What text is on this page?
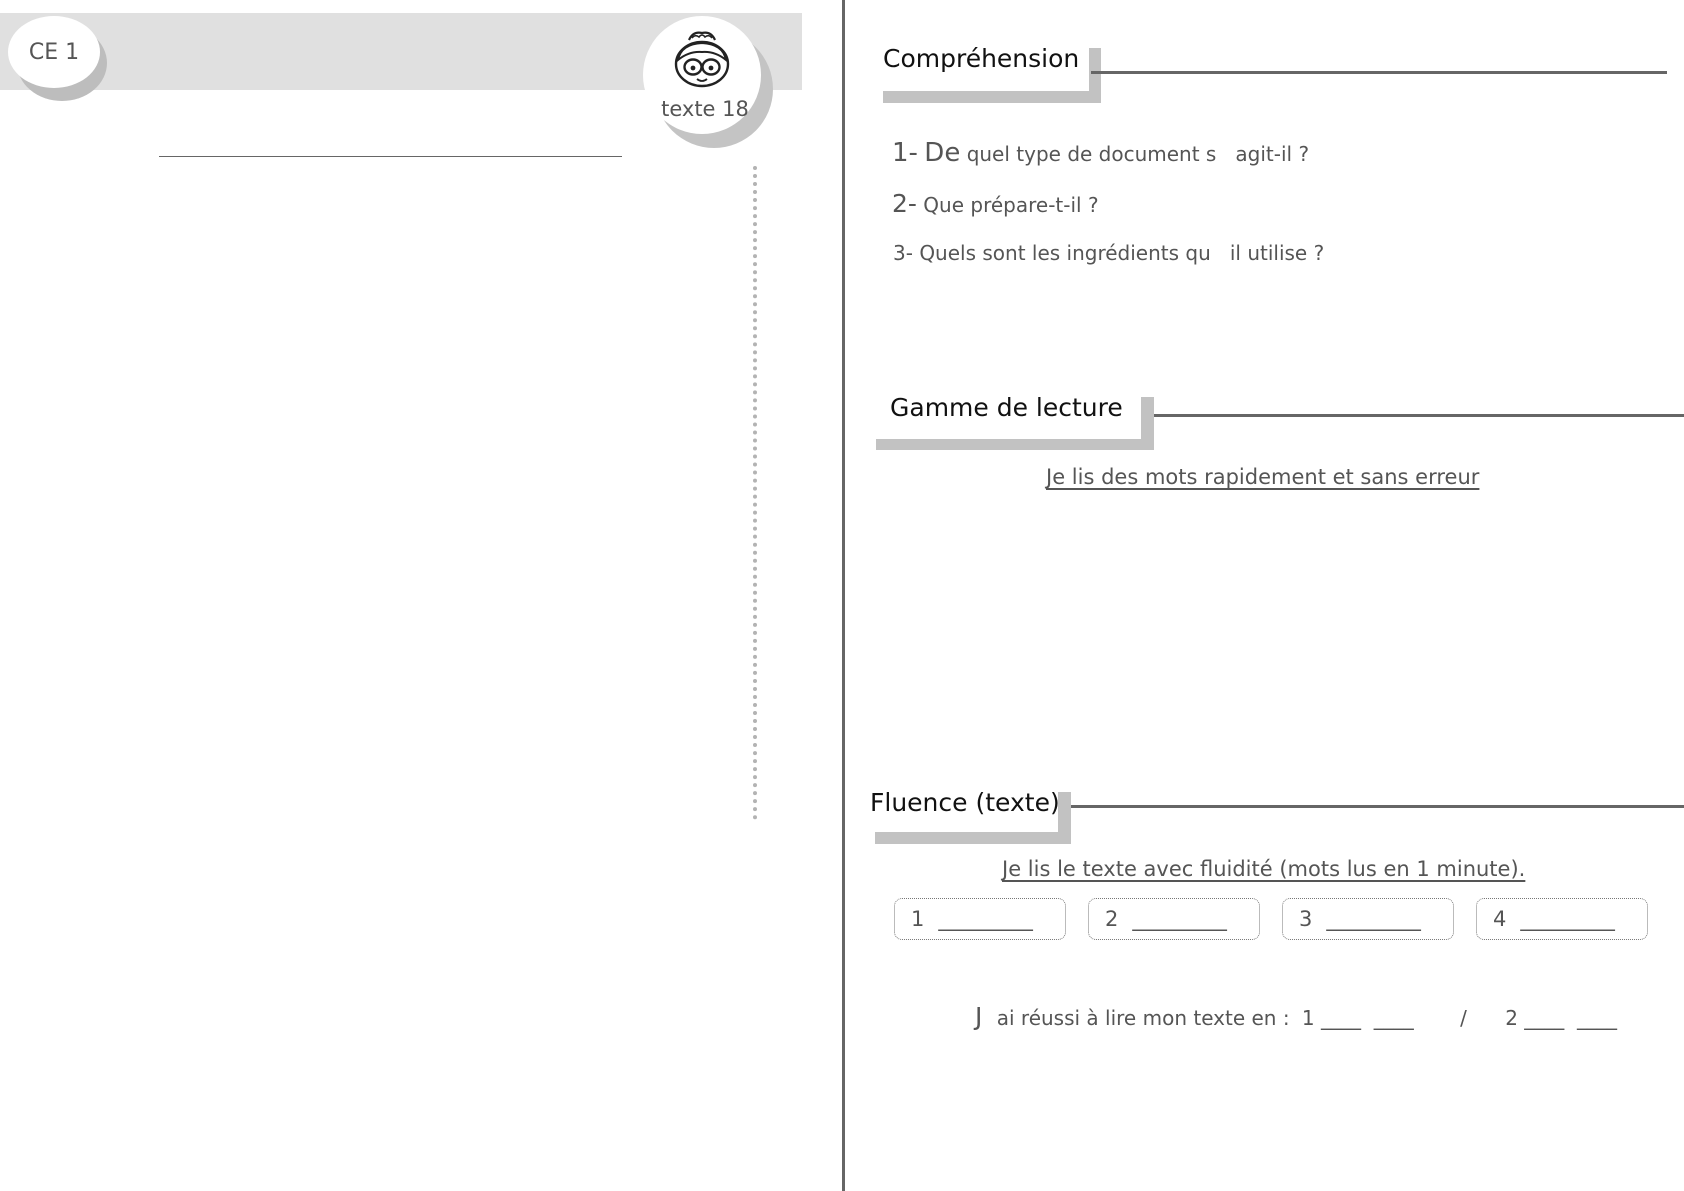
CE 1
texte 18
Compréhension
1- De quel type de document s   agit-il ?
2- Que prépare-t-il ?
3- Quels sont les ingrédients qu   il utilise ?
Gamme de lecture
Je lis des mots rapidement et sans erreur
Fluence (texte)
Je lis le texte avec fluidité (mots lus en 1 minute).
1 _________	2 _________	3 _________	4 _________
J ai réussi à lire mon texte en : 1 ____  ____ / 2 ____  ____
